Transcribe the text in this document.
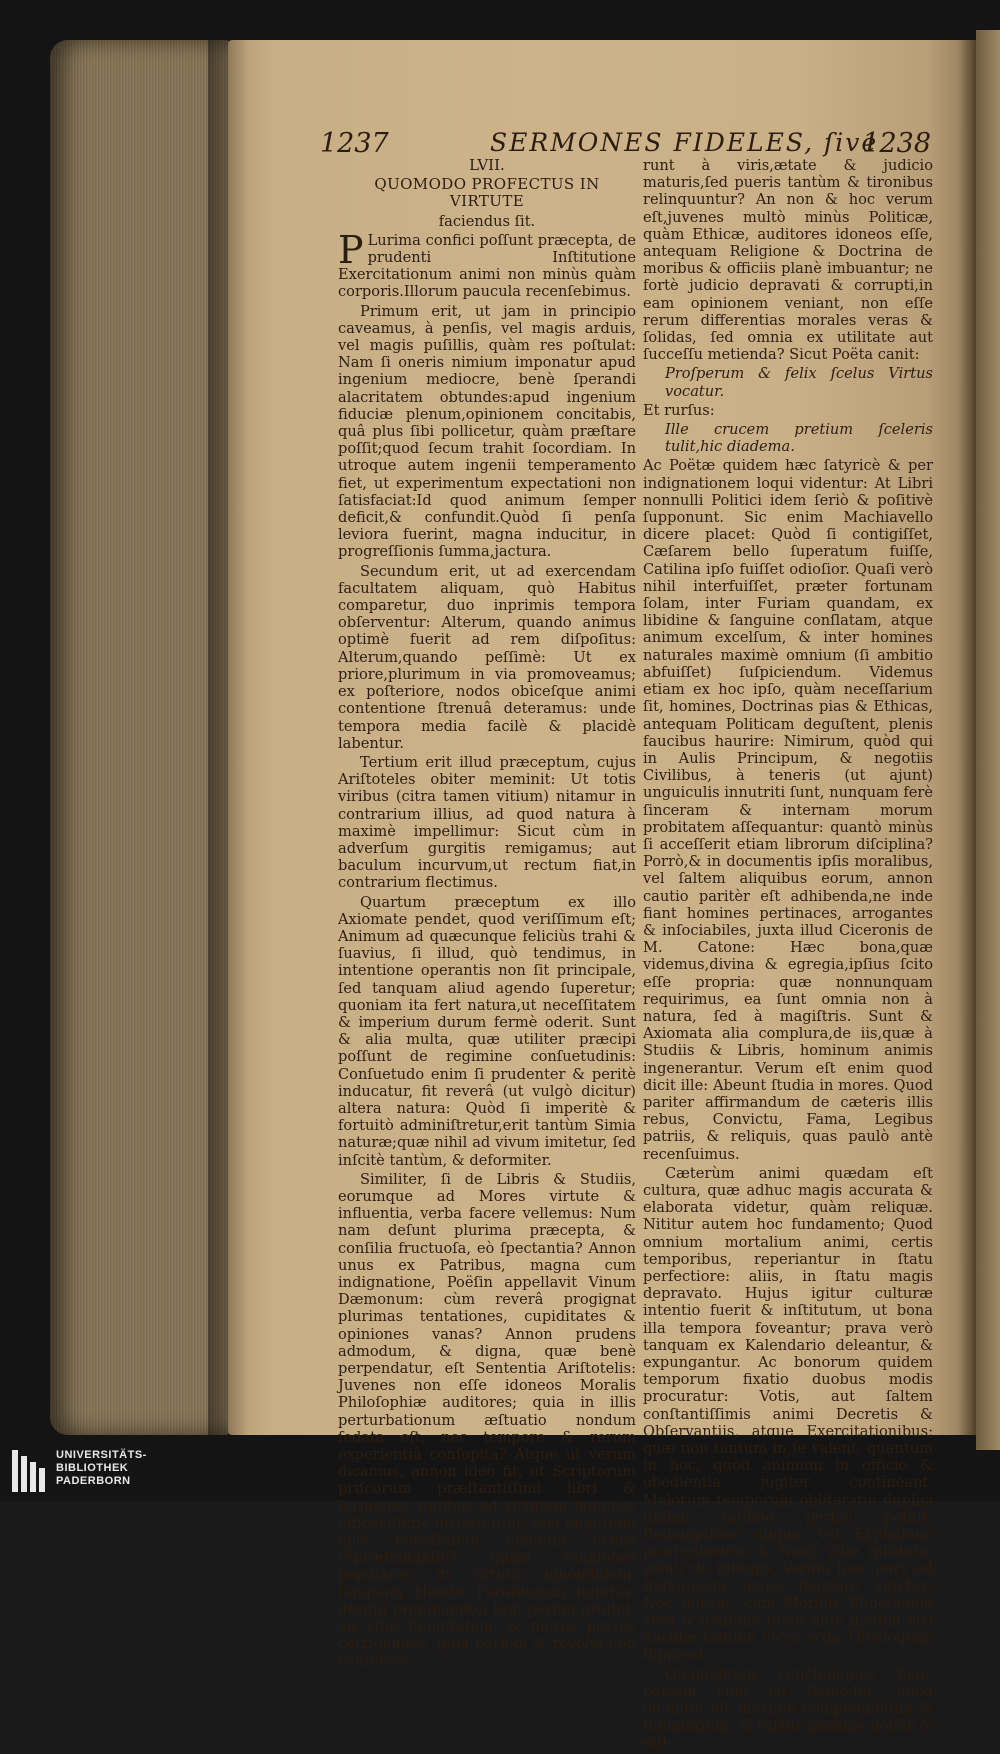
1237	SERMONES FIDELES, ſive
1238

LVII.

QUOMODO PROFECTUS IN VIRTUTE

faciendus ſit.

P Lurima confici poſſunt præcepta, de prudenti Inſtitutione Exercitationum animi non minùs quàm corporis.Illorum paucula recenſebimus.

Primum erit, ut jam in principio caveamus, à penſis, vel magis arduis, vel magis puſillis, quàm res poſtulat: Nam ſi oneris nimium imponatur apud ingenium mediocre, benè ſperandi alacritatem obtundes:apud ingenium fiduciæ plenum,opinionem concitabis, quâ plus ſibi pollicetur, quàm præſtare poſſit;quod ſecum trahit ſocordiam. In utroque autem ingenii temperamento fiet, ut experimentum expectationi non ſatisfaciat:Id quod animum ſemper deficit,& confundit.Quòd ſi penſa leviora fuerint, magna inducitur, in progreſſionis ſumma,jactura.

Secundum erit, ut ad exercendam facultatem aliquam, quò Habitus comparetur, duo inprimis tempora obſerventur: Alterum, quando animus optimè fuerit ad rem diſpoſitus: Alterum,quando peſſimè: Ut ex priore,plurimum in via promoveamus; ex poſteriore, nodos obiceſque animi contentione ſtrenuâ deteramus: unde tempora media facilè & placidè labentur.

Tertium erit illud præceptum, cujus Ariſtoteles obiter meminit: Ut totis viribus (citra tamen vitium) nitamur in contrarium illius, ad quod natura à maximè impellimur: Sicut cùm in adverſum gurgitis remigamus; aut baculum incurvum,ut rectum fiat,in contrarium flectimus.

Quartum præceptum ex illo Axiomate pendet, quod veriſſimum eſt; Animum ad quæcunque feliciùs trahi & ſuavius, ſi illud, quò tendimus, in intentione operantis non ſit principale, ſed tanquam aliud agendo ſuperetur; quoniam ita fert natura,ut neceſſitatem & imperium durum fermè oderit. Sunt & alia multa, quæ utiliter præcipi poſſunt de regimine conſuetudinis: Conſuetudo enim ſi prudenter & peritè inducatur, fit reverâ (ut vulgò dicitur) altera natura: Quòd ſi imperitè & fortuitò adminiſtretur,erit tantùm Simia naturæ;quæ nihil ad vivum imitetur, ſed inſcitè tantùm, & deformiter.

Similiter, ſi de Libris & Studiis, eorumque ad Mores virtute & influentia, verba facere vellemus: Num nam deſunt plurima præcepta, & conſilia fructuoſa, eò ſpectantia? Annon unus ex Patribus, magna cum indignatione, Poëſin appellavit Vinum Dæmonum: cùm reverâ progignat plurimas tentationes, cupiditates & opiniones vanas? Annon prudens admodum, & digna, quæ benè perpendatur, eſt Sententia Ariſtotelis: Juvenes non eſſe idoneos Moralis Philoſophiæ auditores; quia in illis perturbationum æſtuatio nondum ſedata eſt, nec tempore & rerum experientiâ conſopita? Atque ut verum dicamus, annon ideò fit, ut Scriptorum priſcorum præſtantiſſimi libri & ſermones, (quibus ad virtutem homines efficaciſſimè invitati ſunt; tàm anguſtam ejus majeſtatem omnium oculis repræſentando? quàm opiniones populares, in virtutis ignominiam, tanquam Habitu Paraſitorum indutas, deriſui propinando,) tàm parùm proſint, ad vitæ honeſtatem, & mores pravos corrigendos, quia perlegi & revolvi non conſueve-

runt à viris,ætate & judicio maturis,ſed pueris tantùm & tironibus relinquuntur? An non & hoc verum eſt,juvenes multò minùs Politicæ, quàm Ethicæ, auditores idoneos eſſe, antequam Religione & Doctrina de moribus & officiis planè imbuantur; ne fortè judicio depravati & corrupti,in eam opinionem veniant, non eſſe rerum differentias morales veras & ſolidas, ſed omnia ex utilitate aut ſucceſſu metienda? Sicut Poëta canit:

Proſperum & felix ſcelus Virtus vocatur.

Et rurſus:

Ille crucem pretium ſceleris tulit,hic diadema.

Ac Poëtæ quidem hæc ſatyricè & per indignationem loqui videntur: At Libri nonnulli Politici idem ſeriò & poſitivè ſupponunt. Sic enim Machiavello dicere placet: Quòd ſi contigiſſet, Cæſarem bello ſuperatum fuiſſe, Catilina ipſo fuiſſet odioſior. Quaſi verò nihil interfuiſſet, præter fortunam ſolam, inter Furiam quandam, ex libidine & ſanguine conſlatam, atque animum excelſum, & inter homines naturales maximè omnium (ſi ambitio abfuiſſet) ſuſpiciendum. Videmus etiam ex hoc ipſo, quàm neceſſarium ſit, homines, Doctrinas pias & Ethicas, antequam Politicam deguſtent, plenis faucibus haurire: Nimirum, quòd qui in Aulis Principum, & negotiis Civilibus, à teneris (ut ajunt) unguiculis innutriti ſunt, nunquam ferè ſinceram & internam morum probitatem aſſequantur: quantò minùs ſi acceſſerit etiam librorum diſciplina? Porrò,& in documentis ipſis moralibus, vel ſaltem aliquibus eorum, annon cautio paritèr eſt adhibenda,ne inde fiant homines pertinaces, arrogantes & inſociabiles, juxta illud Ciceronis de M. Catone: Hæc bona,quæ videmus,divina & egregia,ipſius ſcito eſſe propria: quæ nonnunquam requirimus, ea ſunt omnia non à natura, ſed à magiſtris. Sunt & Axiomata alia complura,de iis,quæ à Studiis & Libris, hominum animis ingenerantur. Verum eſt enim quod dicit ille: Abeunt ſtudia in mores. Quod pariter affirmandum de cæteris illis rebus, Convictu, Fama, Legibus patriis, & reliquis, quas paulò antè recenſuimus.

Cæterùm animi quædam eſt cultura, quæ adhuc magis accurata & elaborata videtur, quàm reliquæ. Nititur autem hoc fundamento; Quod omnium mortalium animi, certis temporibus, reperiantur in ſtatu perfectiore: aliis, in ſtatu magis depravato. Hujus igitur culturæ intentio fuerit & inſtitutum, ut bona illa tempora foveantur; prava verò tanquam ex Kalendario deleantur, & expungantur. Ac bonorum quidem temporum fixatio duobus modis procuratur: Votis, aut ſaltem conſtantiſſimis animi Decretis & Obſervantiis, atque Exercitationibus; quæ non tantum in ſe valent, quantum in hoc, quòd animum in officio & obedientia jugiter contineant. Malorum temporum obliteratio duplici itidem ratione perfici poteſt: Redemptione aliqua, vel Expiatione præteritorum; & Novo vitæ inſtituto, veluti de integro. Verùm hæc pars ad Religionem planè ſpectare videtur: Nec mirum, cùm Moralis Philoſophia vera & genuina (ſicut antè dictum eſt) ancillæ tantùm vices erga Theologiam ſuppleat.

Quamobrem concludemus hanc partem cum eo Remedio, quod omnium eſt maximè compendioſum & ſummarium; & rurſus maximè nobile & effi-

UNIVERSITÄTS-
BIBLIOTHEK
PADERBORN
